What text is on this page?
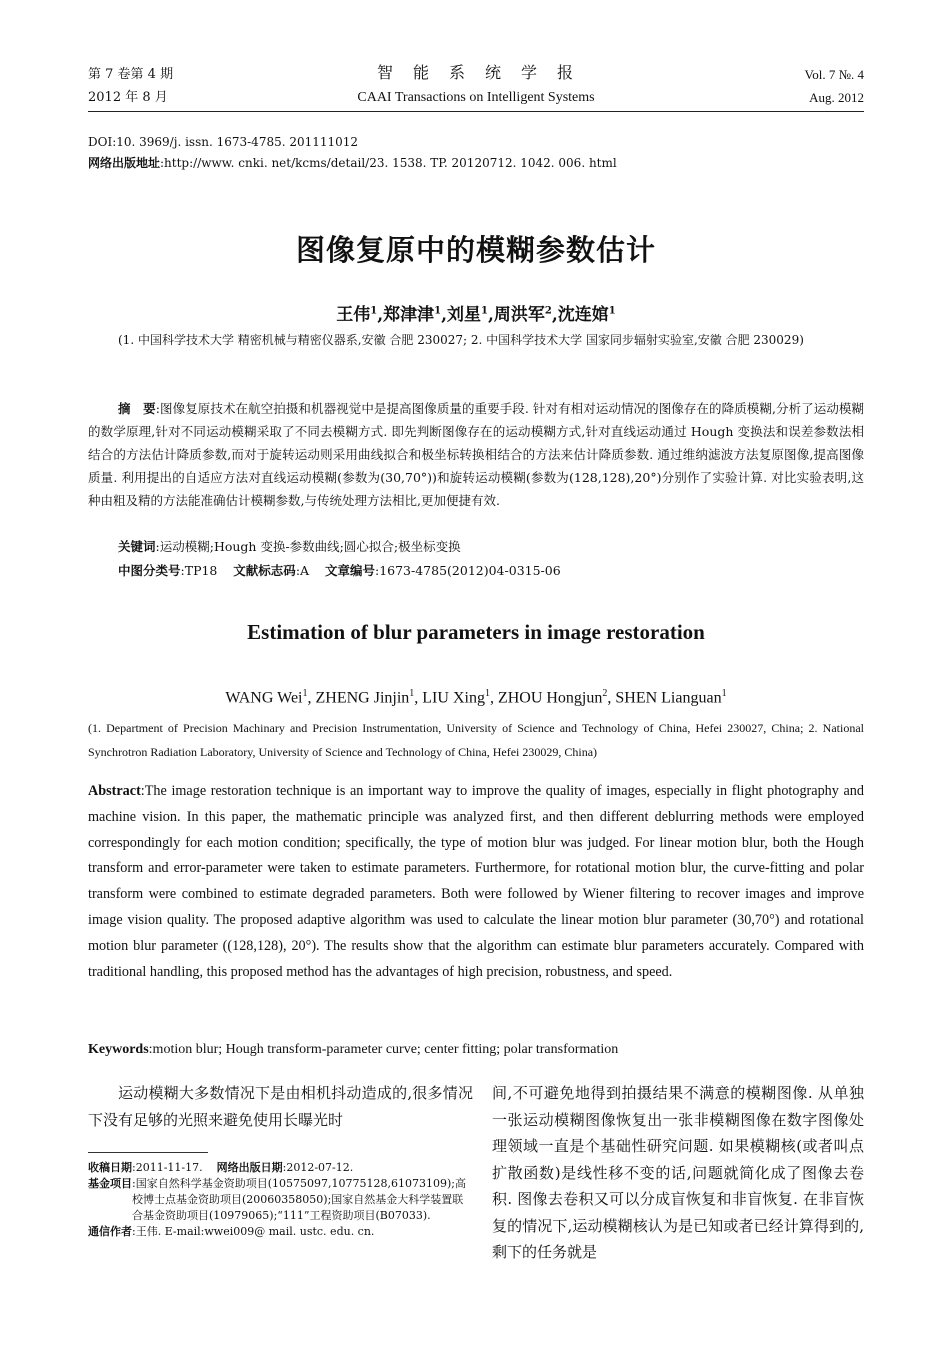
第 7 卷第 4 期
2012 年 8 月
智　能　系　统　学　报
CAAI Transactions on Intelligent Systems
Vol. 7 №. 4
Aug. 2012
DOI:10. 3969/j. issn. 1673-4785. 201111012
网络出版地址:http://www. cnki. net/kcms/detail/23. 1538. TP. 20120712. 1042. 006. html
图像复原中的模糊参数估计
王伟$^1$,郑津津$^1$,刘星$^1$,周洪军$^2$,沈连婠$^1$
(1. 中国科学技术大学 精密机械与精密仪器系,安徽 合肥 230027; 2. 中国科学技术大学 国家同步辐射实验室,安徽 合肥 230029)
摘　要:图像复原技术在航空拍摄和机器视觉中是提高图像质量的重要手段. 针对有相对运动情况的图像存在的降质模糊,分析了运动模糊的数学原理,针对不同运动模糊采取了不同去模糊方式. 即先判断图像存在的运动模糊方式,针对直线运动通过 Hough 变换法和误差参数法相结合的方法估计降质参数,而对于旋转运动则采用曲线拟合和极坐标转换相结合的方法来估计降质参数. 通过维纳滤波方法复原图像,提高图像质量. 利用提出的自适应方法对直线运动模糊(参数为(30,70°))和旋转运动模糊(参数为(128,128),20°)分别作了实验计算. 对比实验表明,这种由粗及精的方法能准确估计模糊参数,与传统处理方法相比,更加便捷有效.
关键词:运动模糊;Hough 变换-参数曲线;圆心拟合;极坐标变换
中图分类号:TP18 文献标志码:A 文章编号:1673-4785(2012)04-0315-06
Estimation of blur parameters in image restoration
WANG Wei$^1$, ZHENG Jinjin$^1$, LIU Xing$^1$, ZHOU Hongjun$^2$, SHEN Lianguan$^1$
(1. Department of Precision Machinary and Precision Instrumentation, University of Science and Technology of China, Hefei 230027, China; 2. National Synchrotron Radiation Laboratory, University of Science and Technology of China, Hefei 230029, China)
Abstract:The image restoration technique is an important way to improve the quality of images, especially in flight photography and machine vision. In this paper, the mathematic principle was analyzed first, and then different deblurring methods were employed correspondingly for each motion condition; specifically, the type of motion blur was judged. For linear motion blur, both the Hough transform and error-parameter were taken to estimate parameters. Furthermore, for rotational motion blur, the curve-fitting and polar transform were combined to estimate degraded parameters. Both were followed by Wiener filtering to recover images and improve image vision quality. The proposed adaptive algorithm was used to calculate the linear motion blur parameter (30,70°) and rotational motion blur parameter ((128,128), 20°). The results show that the algorithm can estimate blur parameters accurately. Compared with traditional handling, this proposed method has the advantages of high precision, robustness, and speed.
Keywords:motion blur; Hough transform-parameter curve; center fitting; polar transformation
运动模糊大多数情况下是由相机抖动造成的,很多情况下没有足够的光照来避免使用长曝光时
间,不可避免地得到拍摄结果不满意的模糊图像. 从单独一张运动模糊图像恢复出一张非模糊图像在数字图像处理领域一直是个基础性研究问题. 如果模糊核(或者叫点扩散函数)是线性移不变的话,问题就简化成了图像去卷积. 图像去卷积又可以分成盲恢复和非盲恢复. 在非盲恢复的情况下,运动模糊核认为是已知或者已经计算得到的,剩下的任务就是
收稿日期:2011-11-17. 网络出版日期:2012-07-12.
基金项目 :国家自然科学基金资助项目(10575097,10775128,61073109);高校博士点基金资助项目(20060358050);国家自然基金大科学装置联合基金资助项目(10979065);“111”工程资助项目(B07033).
通信作者:王伟. E-mail:wwei009@ mail. ustc. edu. cn.
